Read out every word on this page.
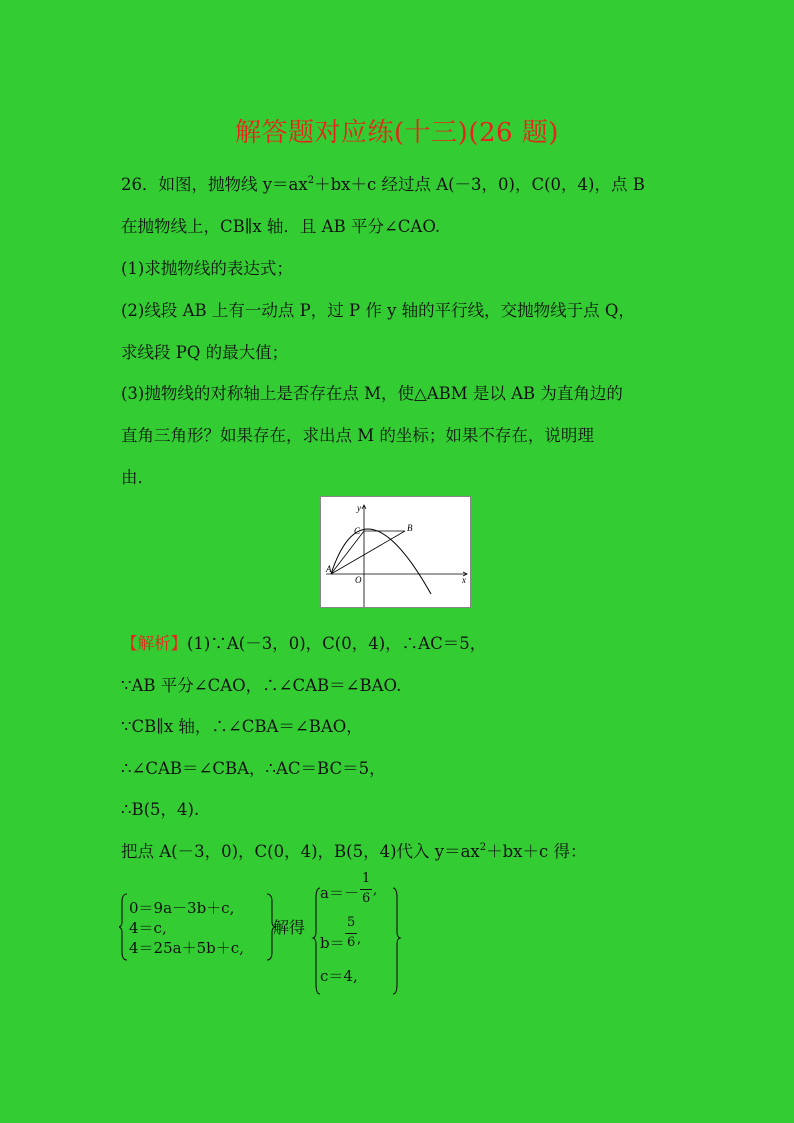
解答题对应练(十三)(26 题)
26．如图，抛物线 $y=ax^2+bx+c$ 经过点 A(－3，0)，C(0，4)，点 B
在抛物线上，CB∥x 轴．且 AB 平分∠CAO.
(1)求抛物线的表达式；
(2)线段 AB 上有一动点 P，过 P 作 y 轴的平行线，交抛物线于点 Q，
求线段 PQ 的最大值；
(3)抛物线的对称轴上是否存在点 M，使△ABM 是以 AB 为直角边的
直角三角形？如果存在，求出点 M 的坐标；如果不存在，说明理
由．
y
x
C	B
A
O
【解析】(1)∵A(－3，0)，C(0，4)，∴AC＝5，
∵AB 平分∠CAO，∴∠CAB＝∠BAO.
∵CB∥x 轴，∴∠CBA＝∠BAO，
∴∠CAB＝∠CBA，∴AC＝BC＝5，
∴B(5，4).
把点 A(－3，0)，C(0，4)，B(5，4)代入 $y=ax^2+bx+c$ 得：
0＝9a－3b＋c,
4＝c,
4＝25a＋5b＋c,
解得
a＝－
1
6
,
b＝
5
6 ,
c＝4,
